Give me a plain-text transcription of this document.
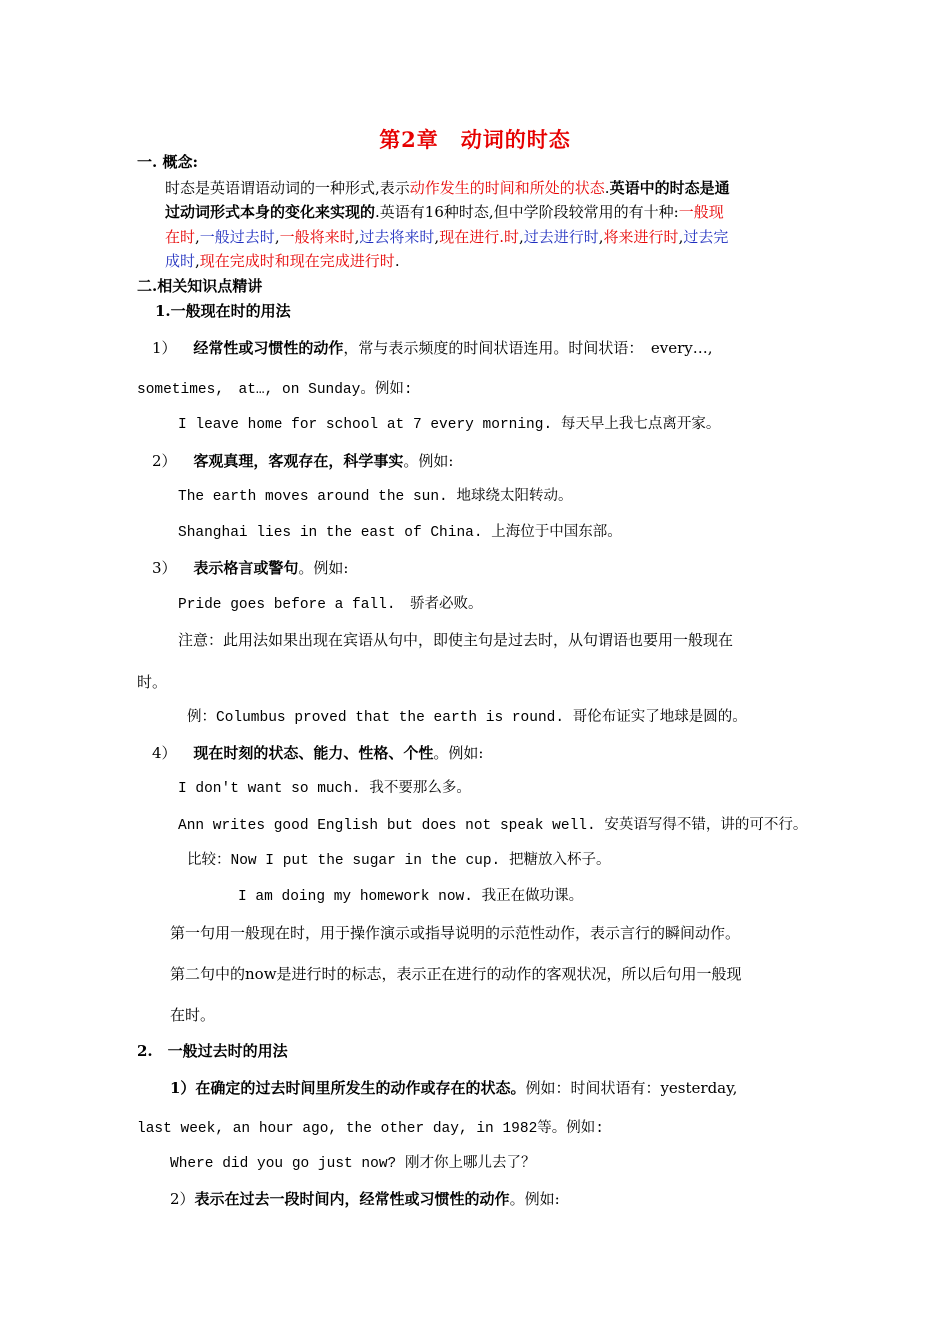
第2章　动词的时态
一. 概念:
时态是英语谓语动词的一种形式,表示动作发生的时间和所处的状态.英语中的时态是通
过动词形式本身的变化来实现的.英语有16种时态,但中学阶段较常用的有十种:一般现
在时,一般过去时,一般将来时,过去将来时,现在进行.时,过去进行时,将来进行时,过去完
成时,现在完成时和现在完成进行时.
二.相关知识点精讲
1.一般现在时的用法
1） 经常性或习惯性的动作，常与表示频度的时间状语连用。时间状语：　every…,
sometimes,　at…, on Sunday。例如:
I leave home for school at 7 every morning. 每天早上我七点离开家。
2） 客观真理，客观存在，科学事实。例如:
The earth moves around the sun. 地球绕太阳转动。
Shanghai lies in the east of China. 上海位于中国东部。
3） 表示格言或警句。例如:
Pride goes before a fall.　骄者必败。
注意：此用法如果出现在宾语从句中，即使主句是过去时，从句谓语也要用一般现在
时。
例：Columbus proved that the earth is round. 哥伦布证实了地球是圆的。
4） 现在时刻的状态、能力、性格、个性。例如:
I don't want so much. 我不要那么多。
Ann writes good English but does not speak well. 安英语写得不错，讲的可不行。
比较：Now I put the sugar in the cup. 把糖放入杯子。
I am doing my homework now. 我正在做功课。
第一句用一般现在时，用于操作演示或指导说明的示范性动作，表示言行的瞬间动作。
第二句中的now是进行时的标志，表示正在进行的动作的客观状况，所以后句用一般现
在时。
2.　一般过去时的用法
1）在确定的过去时间里所发生的动作或存在的状态。例如：时间状语有：yesterday,
last week, an hour ago, the other day, in 1982等。例如:
Where did you go just now? 刚才你上哪儿去了？
2）表示在过去一段时间内，经常性或习惯性的动作。例如:
